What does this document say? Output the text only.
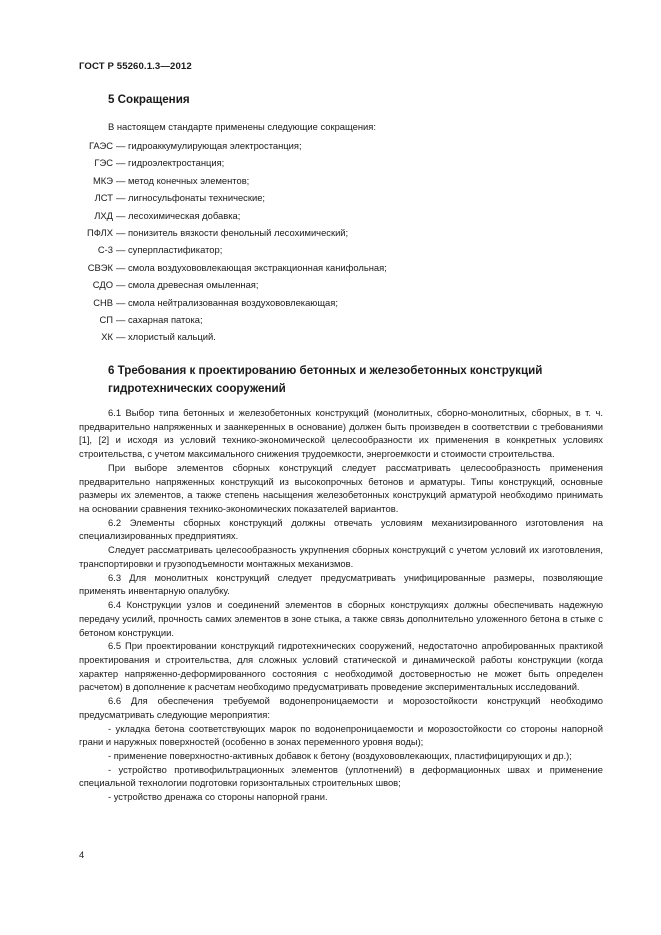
ГОСТ Р 55260.1.3—2012
5 Сокращения
В настоящем стандарте применены следующие сокращения:
ГАЭС	— гидроаккумулирующая электростанция;
ГЭС	— гидроэлектростанция;
МКЭ	— метод конечных элементов;
ЛСТ	— лигносульфонаты технические;
ЛХД	— лесохимическая добавка;
ПФЛХ	— понизитель вязкости фенольный лесохимический;
С-3	— суперпластификатор;
СВЭК	— смола воздухововлекающая экстракционная канифольная;
СДО	— смола древесная омыленная;
СНВ	— смола нейтрализованная воздухововлекающая;
СП	— сахарная патока;
ХК	— хлористый кальций.
6 Требования к проектированию бетонных и железобетонных конструкций
гидротехнических сооружений

6.1 Выбор типа бетонных и железобетонных конструкций (монолитных, сборно-монолитных, сборных, в т. ч. предварительно напряженных и заанкеренных в основание) должен быть произведен в соответствии с требованиями [1], [2] и исходя из условий технико-экономической целесообразности их применения в конкретных условиях строительства, с учетом максимального снижения трудоемкости, энергоемкости и стоимости строительства.

При выборе элементов сборных конструкций следует рассматривать целесообразность применения предварительно напряженных конструкций из высокопрочных бетонов и арматуры. Типы конструкций, основные размеры их элементов, а также степень насыщения железобетонных конструкций арматурой необходимо принимать на основании сравнения технико-экономических показателей вариантов.

6.2 Элементы сборных конструкций должны отвечать условиям механизированного изготовления на специализированных предприятиях.

Следует рассматривать целесообразность укрупнения сборных конструкций с учетом условий их изготовления, транспортировки и грузоподъемности монтажных механизмов.

6.3 Для монолитных конструкций следует предусматривать унифицированные размеры, позволяющие применять инвентарную опалубку.

6.4 Конструкции узлов и соединений элементов в сборных конструкциях должны обеспечивать надежную передачу усилий, прочность самих элементов в зоне стыка, а также связь дополнительно уложенного бетона в стыке с бетоном конструкции.

6.5 При проектировании конструкций гидротехнических сооружений, недостаточно апробированных практикой проектирования и строительства, для сложных условий статической и динамической работы конструкции (когда характер напряженно-деформированного состояния с необходимой достоверностью не может быть определен расчетом) в дополнение к расчетам необходимо предусматривать проведение экспериментальных исследований.

6.6 Для обеспечения требуемой водонепроницаемости и морозостойкости конструкций необходимо предусматривать следующие мероприятия:

- укладка бетона соответствующих марок по водонепроницаемости и морозостойкости со стороны напорной грани и наружных поверхностей (особенно в зонах переменного уровня воды);

- применение поверхностно-активных добавок к бетону (воздухововлекающих, пластифицирующих и др.);

- устройство противофильтрационных элементов (уплотнений) в деформационных швах и применение специальной технологии подготовки горизонтальных строительных швов;

- устройство дренажа со стороны напорной грани.

4
